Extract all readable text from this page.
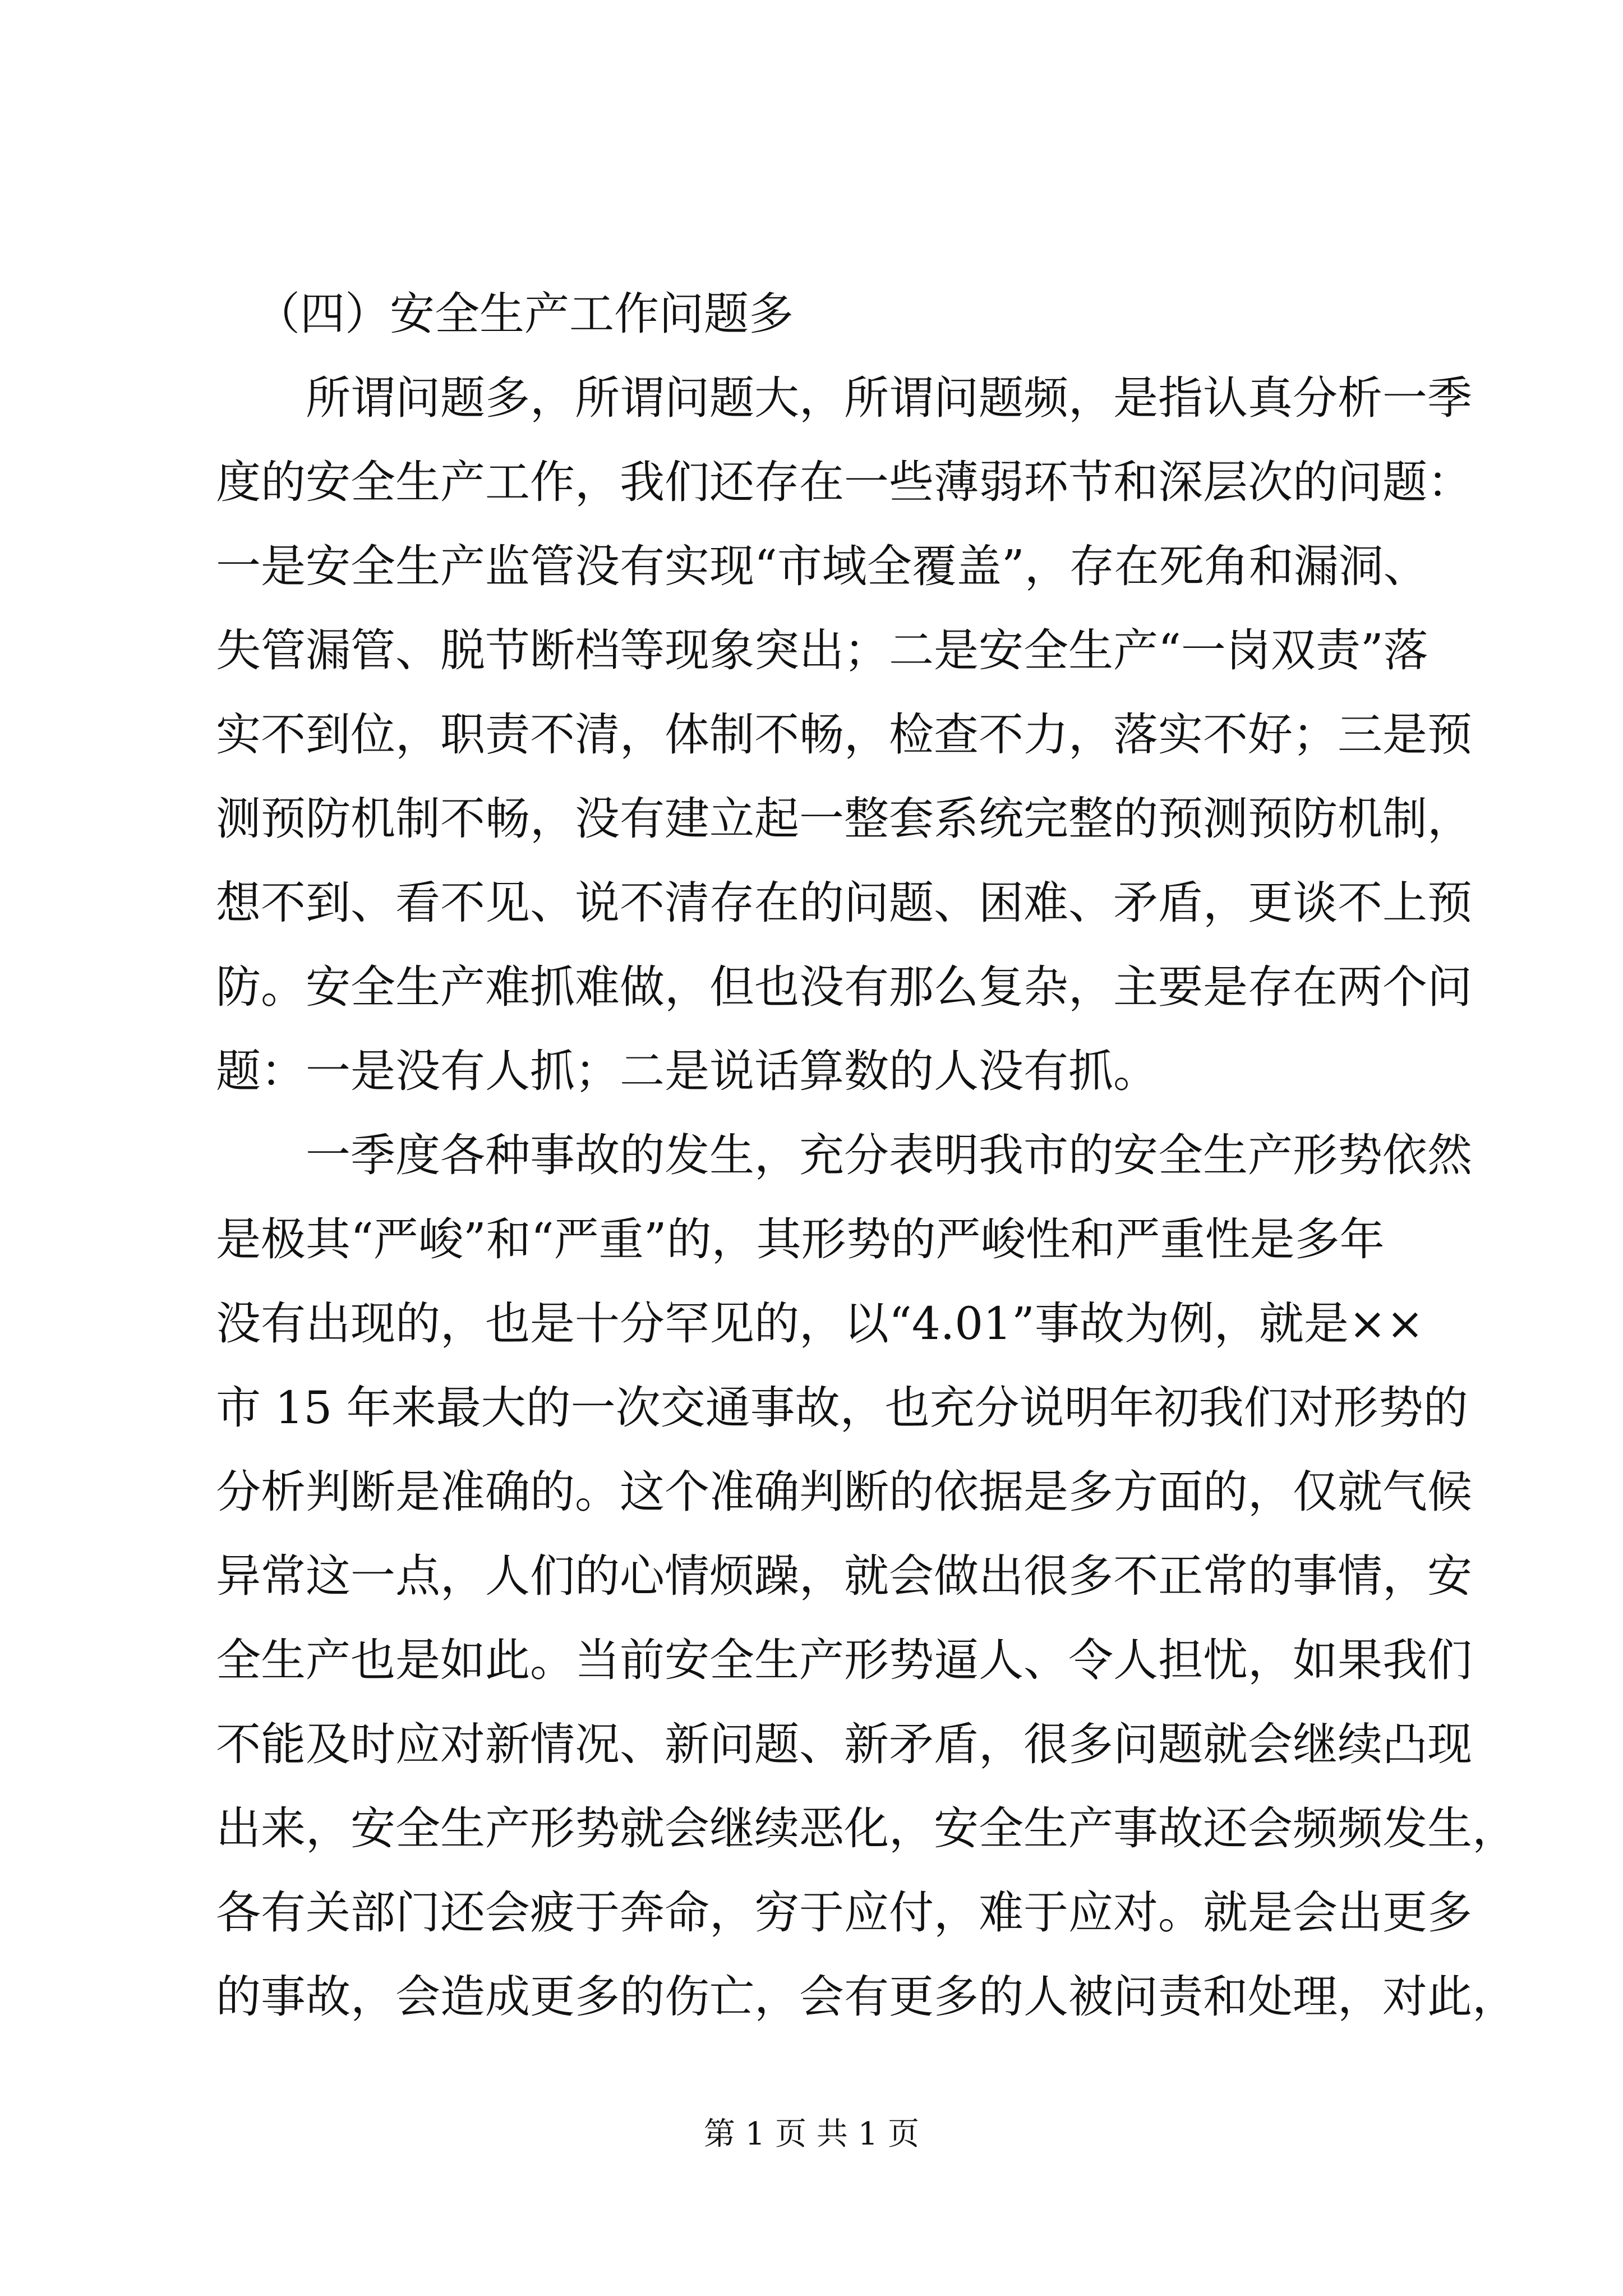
（四）安全生产工作问题多
所谓问题多，所谓问题大，所谓问题频，是指认真分析一季
度的安全生产工作，我们还存在一些薄弱环节和深层次的问题：
一是安全生产监管没有实现“市域全覆盖”，存在死角和漏洞、
失管漏管、脱节断档等现象突出；二是安全生产“一岗双责”落
实不到位，职责不清，体制不畅，检查不力，落实不好；三是预
测预防机制不畅，没有建立起一整套系统完整的预测预防机制，
想不到、看不见、说不清存在的问题、困难、矛盾，更谈不上预
防。安全生产难抓难做，但也没有那么复杂，主要是存在两个问
题：一是没有人抓；二是说话算数的人没有抓。
一季度各种事故的发生，充分表明我市的安全生产形势依然
是极其“严峻”和“严重”的，其形势的严峻性和严重性是多年
没有出现的，也是十分罕见的，以“4.01”事故为例，就是××
市 15 年来最大的一次交通事故，也充分说明年初我们对形势的
分析判断是准确的。这个准确判断的依据是多方面的，仅就气候
异常这一点，人们的心情烦躁，就会做出很多不正常的事情，安
全生产也是如此。当前安全生产形势逼人、令人担忧，如果我们
不能及时应对新情况、新问题、新矛盾，很多问题就会继续凸现
出来，安全生产形势就会继续恶化，安全生产事故还会频频发生，
各有关部门还会疲于奔命，穷于应付，难于应对。就是会出更多
的事故，会造成更多的伤亡，会有更多的人被问责和处理，对此，
第 1 页 共 1 页
